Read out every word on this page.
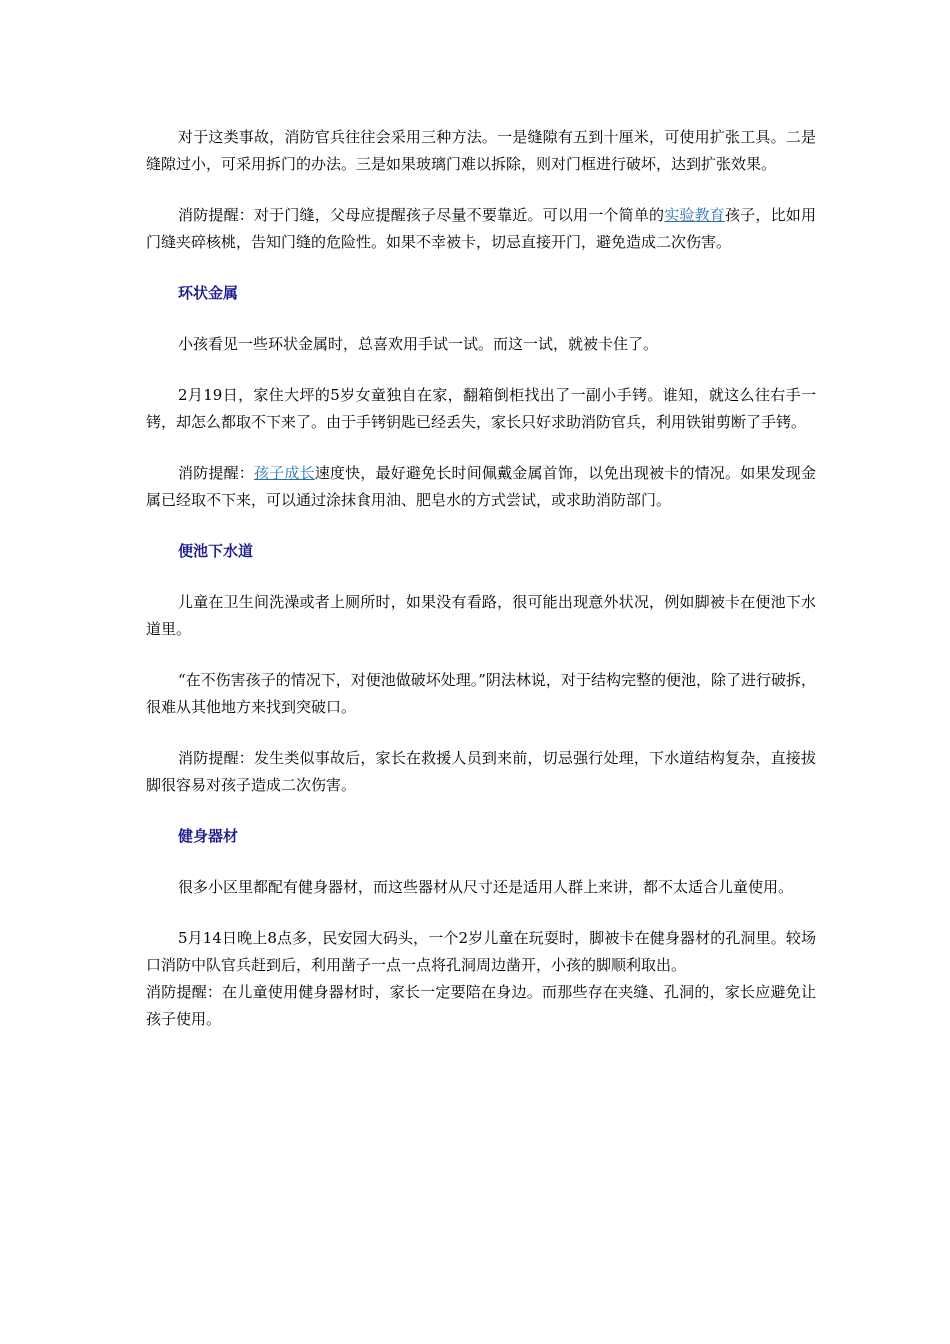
对于这类事故，消防官兵往往会采用三种方法。一是缝隙有五到十厘米，可使用扩张工具。二是缝隙过小，可采用拆门的办法。三是如果玻璃门难以拆除，则对门框进行破坏，达到扩张效果。

消防提醒：对于门缝，父母应提醒孩子尽量不要靠近。可以用一个简单的实验教育孩子，比如用门缝夹碎核桃，告知门缝的危险性。如果不幸被卡，切忌直接开门，避免造成二次伤害。

环状金属

小孩看见一些环状金属时，总喜欢用手试一试。而这一试，就被卡住了。

2月19日，家住大坪的5岁女童独自在家，翻箱倒柜找出了一副小手铐。谁知，就这么往右手一铐，却怎么都取不下来了。由于手铐钥匙已经丢失，家长只好求助消防官兵，利用铁钳剪断了手铐。

消防提醒：孩子成长速度快，最好避免长时间佩戴金属首饰，以免出现被卡的情况。如果发现金属已经取不下来，可以通过涂抹食用油、肥皂水的方式尝试，或求助消防部门。

便池下水道

儿童在卫生间洗澡或者上厕所时，如果没有看路，很可能出现意外状况，例如脚被卡在便池下水道里。

“在不伤害孩子的情况下，对便池做破坏处理。”阴法林说，对于结构完整的便池，除了进行破拆，很难从其他地方来找到突破口。

消防提醒：发生类似事故后，家长在救援人员到来前，切忌强行处理，下水道结构复杂，直接拔脚很容易对孩子造成二次伤害。

健身器材

很多小区里都配有健身器材，而这些器材从尺寸还是适用人群上来讲，都不太适合儿童使用。

5月14日晚上8点多，民安园大码头，一个2岁儿童在玩耍时，脚被卡在健身器材的孔洞里。较场口消防中队官兵赶到后，利用凿子一点一点将孔洞周边凿开，小孩的脚顺利取出。

消防提醒：在儿童使用健身器材时，家长一定要陪在身边。而那些存在夹缝、孔洞的，家长应避免让孩子使用。
